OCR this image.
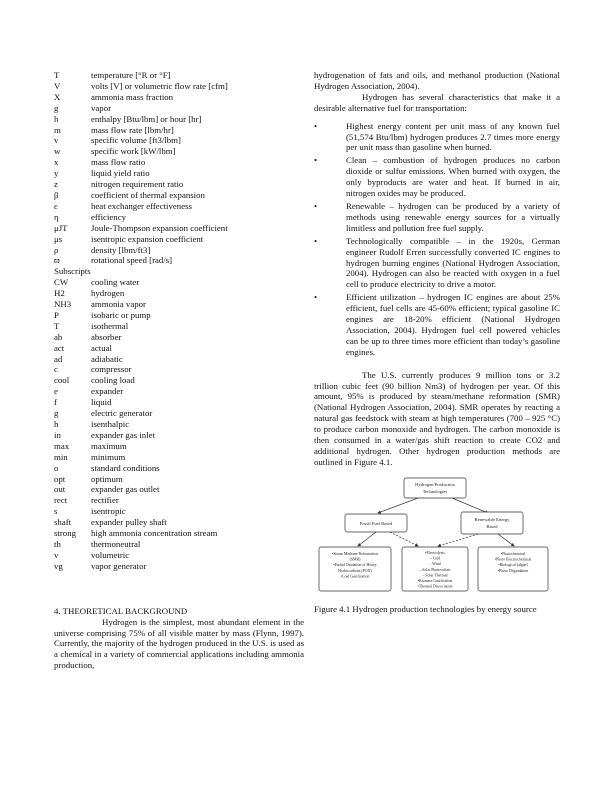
T	temperature [°R or °F]
V	volts [V] or volumetric flow rate [cfm]
X	ammonia mass fraction
g	vapor
h	enthalpy [Btu/lbm] or hour [hr]
m	mass flow rate [lbm/hr]
v	specific volume [ft3/lbm]
w	specific work [kW/lbm]
x	mass flow ratio
y	liquid yield ratio
z	nitrogen requirement ratio
β	coefficient of thermal expansion
ε	heat exchanger effectiveness
η	efficiency
μJT	Joule-Thompson expansion coefficient
μs	isentropic expansion coefficient
ρ	density [lbm/ft3]
ϖ	rotational speed [rad/s]
Subscripts
CW	cooling water
H2	hydrogen
NH3	ammonia vapor
P	isobaric or pump
T	isothermal
ab	absorber
act	actual
ad	adiabatic
c	compressor
cool	cooling load
e	expander
f	liquid
g	electric generator
h	isenthalpic
in	expander gas inlet
max	maximum
min	minimum
o	standard conditions
opt	optimum
out	expander gas outlet
rect	rectifier
s	isentropic
shaft	expander pulley shaft
strong	high ammonia concentration stream
th	thermoneutral
v	volumetric
vg	vapor generator
4. THEORETICAL BACKGROUND

Hydrogen is the simplest, most abundant element in the universe comprising 75% of all visible matter by mass (Flynn, 1997). Currently, the majority of the hydrogen produced in the U.S. is used as a chemical in a variety of commercial applications including ammonia production,

hydrogenation of fats and oils, and methanol production (National Hydrogen Association, 2004).

Hydrogen has several characteristics that make it a desirable alternative fuel for transportation:

•	Highest energy content per unit mass of any known fuel (51,574 Btu/lbm) hydrogen produces 2.7 times more energy per unit mass than gasoline when burned.
•	Clean – combustion of hydrogen produces no carbon dioxide or sulfur emissions. When burned with oxygen, the only byproducts are water and heat. If burned in air, nitrogen oxides may be produced.
•	Renewable – hydrogen can be produced by a variety of methods using renewable energy sources for a virtually limitless and pollution free fuel supply.
•	Technologically compatible – in the 1920s, German engineer Rudolf Erren successfully converted IC engines to hydrogen burning engines (National Hydrogen Association, 2004). Hydrogen can also be reacted with oxygen in a fuel cell to produce electricity to drive a motor.
•	Efficient utilization – hydrogen IC engines are about 25% efficient, fuel cells are 45-60% efficient; typical gasoline IC engines are 18-20% efficient (National Hydrogen Association, 2004). Hydrogen fuel cell powered vehicles can be up to three times more efficient than today’s gasoline engines.

The U.S. currently produces 9 million tons or 3.2 trillion cubic feet (90 billion Nm3) of hydrogen per year. Of this amount, 95% is produced by steam/methane reformation (SMR) (National Hydrogen Association, 2004). SMR operates by reacting a natural gas feedstock with steam at high temperatures (700 – 925 °C) to produce carbon monoxide and hydrogen. The carbon monoxide is then consumed in a water/gas shift reaction to create CO2 and additional hydrogen. Other hydrogen production methods are outlined in Figure 4.1.

Hydrogen Production
Technologies
Fossil Fuel Based
Renewable Energy
Based
•Steam Methane Reformation
(SMR)
•Partial Oxidation of Heavy
Hydrocarbons (POX)
•Coal Gasification
•Electrolysis
– Grid
– Wind
– Solar Photovoltaic
– Solar Thermal
•Biomass Gasification
•Thermal Dissociation
•Photochemical
•Photo Electrochemical
•Biological (algae)
•Photo Degradation
Figure 4.1 Hydrogen production technologies by energy source
